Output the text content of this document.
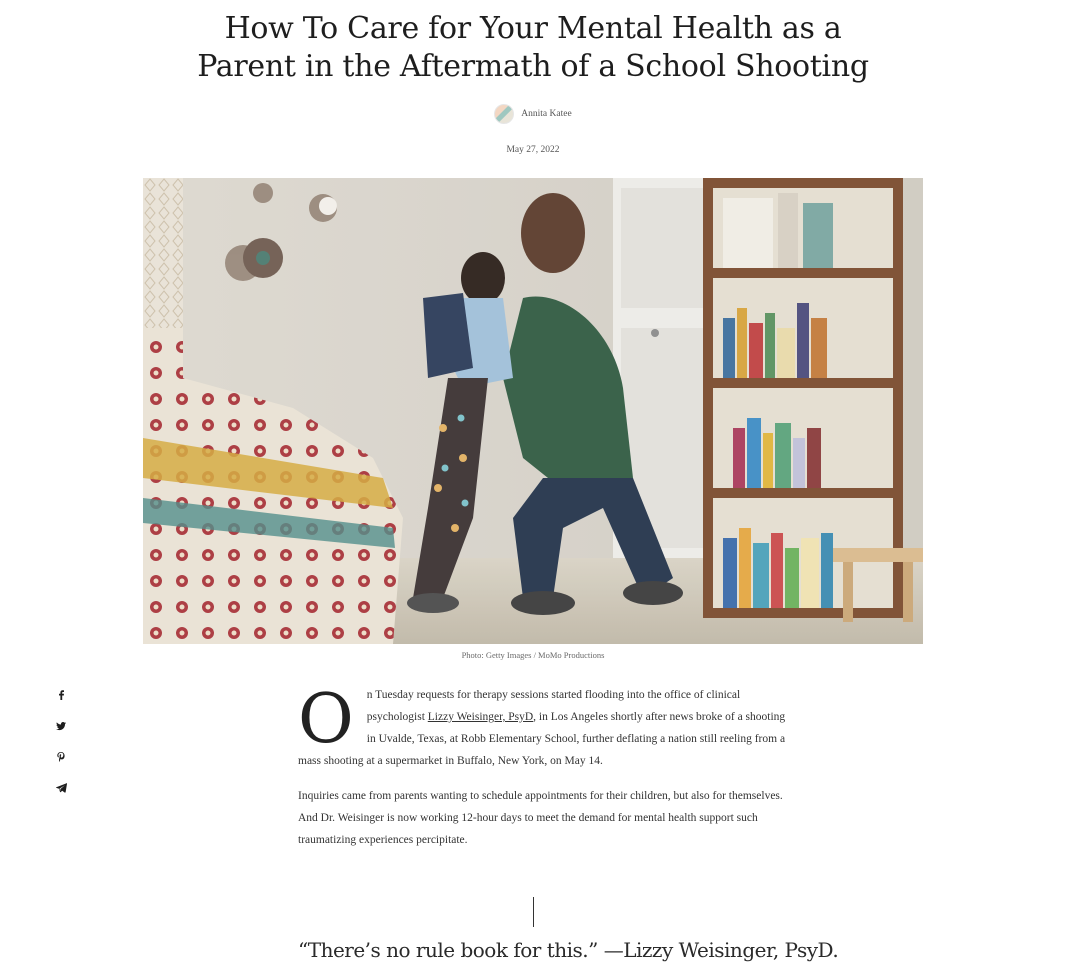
How To Care for Your Mental Health as a Parent in the Aftermath of a School Shooting
Annita Katee
May 27, 2022
Photo: Getty Images / MoMo Productions

O n Tuesday requests for therapy sessions started flooding into the office of clinical psychologist Lizzy Weisinger, PsyD, in Los Angeles shortly after news broke of a shooting in Uvalde, Texas, at Robb Elementary School, further deflating a nation still reeling from a mass shooting at a supermarket in Buffalo, New York, on May 14.

Inquiries came from parents wanting to schedule appointments for their children, but also for themselves. And Dr. Weisinger is now working 12-hour days to meet the demand for mental health support such traumatizing experiences percipitate.

“There’s no rule book for this.” —Lizzy Weisinger, PsyD.
